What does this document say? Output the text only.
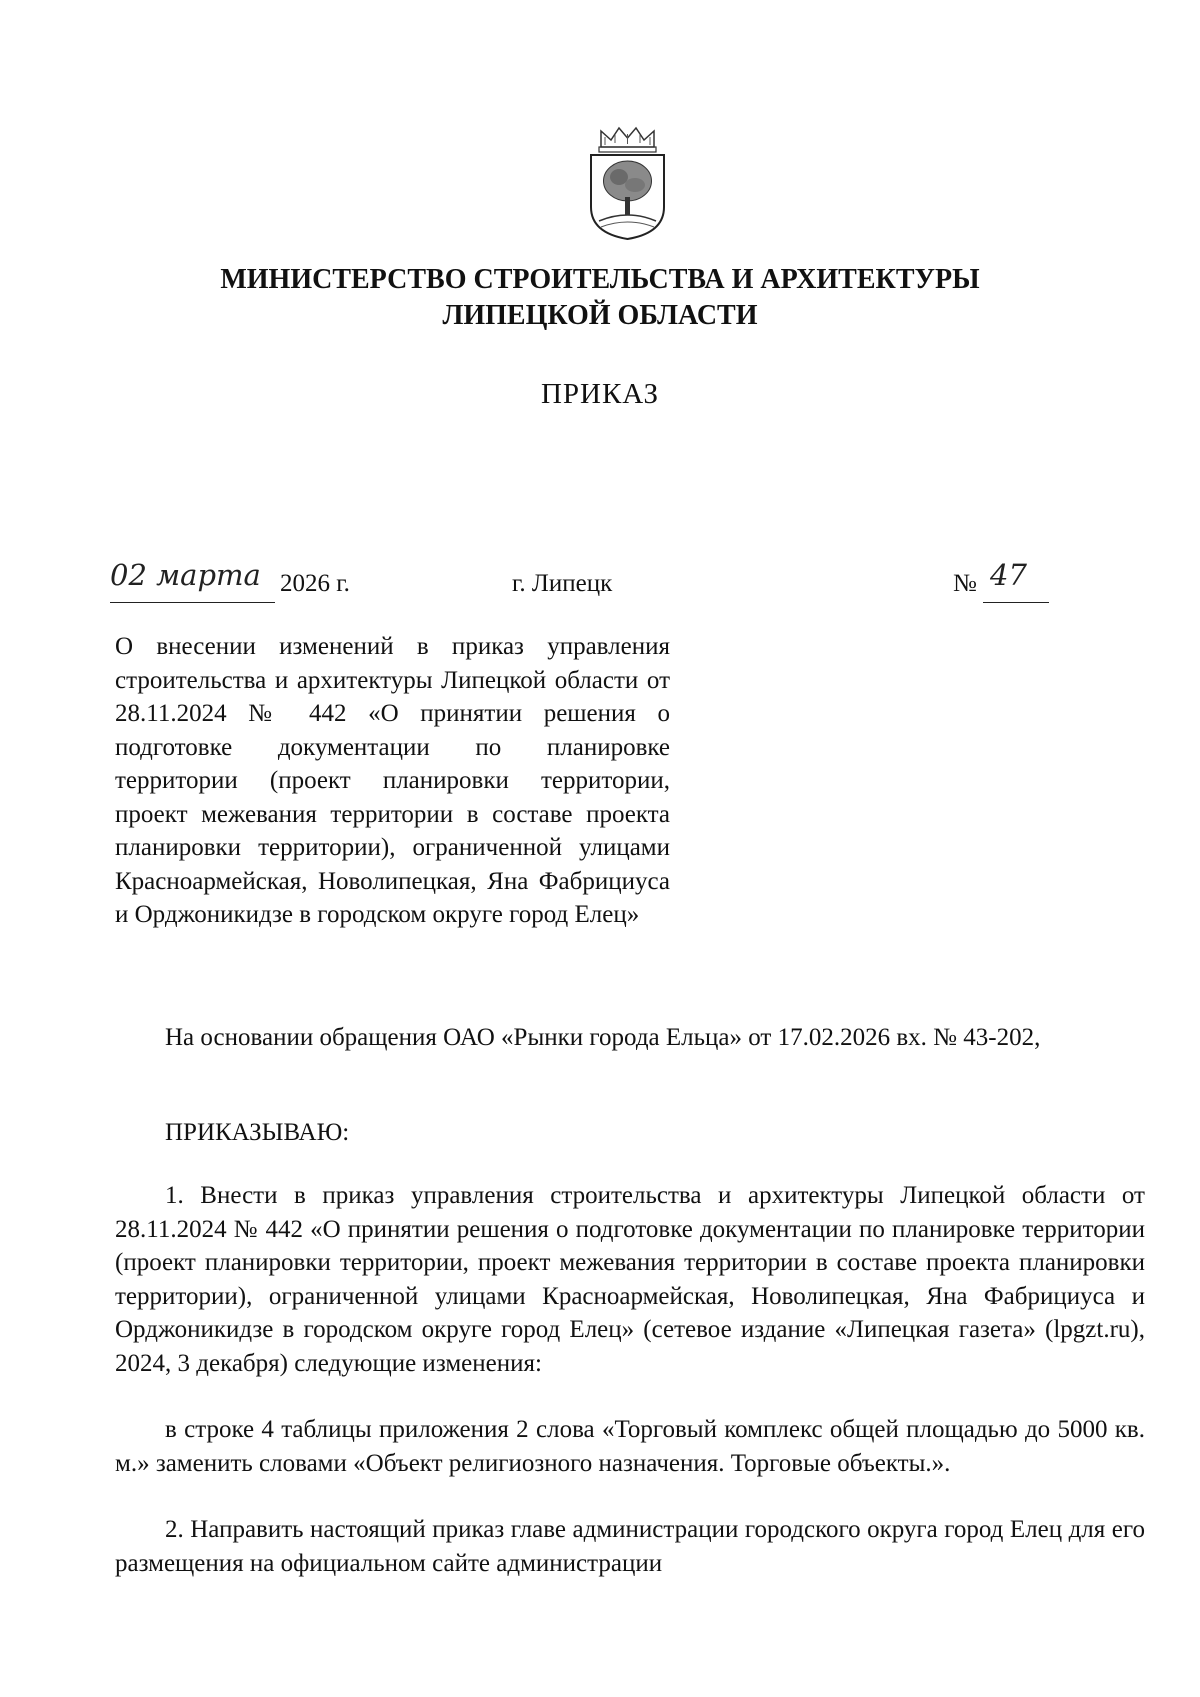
МИНИСТЕРСТВО СТРОИТЕЛЬСТВА И АРХИТЕКТУРЫ
ЛИПЕЦКОЙ ОБЛАСТИ
ПРИКАЗ
02 марта 2026 г.	г. Липецк	№ 47
О внесении изменений в приказ управления строительства и архитектуры Липецкой области от 28.11.2024 № 442 «О принятии решения о подготовке документации по планировке территории (проект планировки территории, проект межевания территории в составе проекта планировки территории), ограниченной улицами Красноармейская, Новолипецкая, Яна Фабрициуса и Орджоникидзе в городском округе город Елец»
На основании обращения ОАО «Рынки города Ельца» от 17.02.2026 вх. № 43-202,
ПРИКАЗЫВАЮ:
1. Внести в приказ управления строительства и архитектуры Липецкой области от 28.11.2024 № 442 «О принятии решения о подготовке документации по планировке территории (проект планировки территории, проект межевания территории в составе проекта планировки территории), ограниченной улицами Красноармейская, Новолипецкая, Яна Фабрициуса и Орджоникидзе в городском округе город Елец» (сетевое издание «Липецкая газета» (lpgzt.ru), 2024, 3 декабря) следующие изменения:
в строке 4 таблицы приложения 2 слова «Торговый комплекс общей площадью до 5000 кв. м.» заменить словами «Объект религиозного назначения. Торговые объекты.».
2. Направить настоящий приказ главе администрации городского округа город Елец для его размещения на официальном сайте администрации
